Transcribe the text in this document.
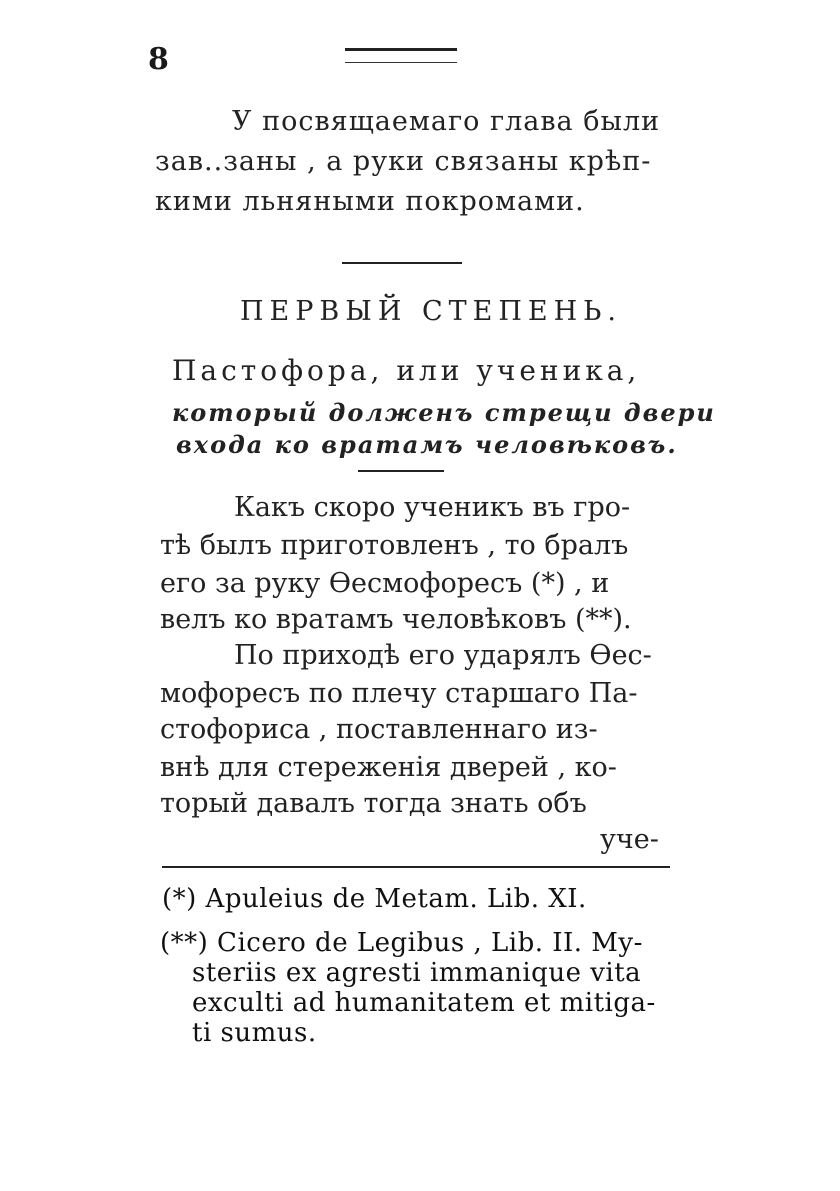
8
У посвящаемаго глава были
зав..заны , а руки связаны крѣп-
кими льняными покромами.
ПЕРВЫЙ СТЕПЕНЬ.
Пастофора, или ученика,
который долженъ стрещи двери
входа ко вратамъ человѣковъ.
Какъ скоро ученикъ въ гро-
тѣ былъ приготовленъ , то бралъ
его за руку Өесмофоресъ (*) , и
велъ ко вратамъ человѣковъ (**).
По приходѣ его ударялъ Өес-
мофоресъ по плечу старшаго Па-
стофориса , поставленнаго из-
внѣ для стереженія дверей , ко-
торый давалъ тогда знать объ
уче-
(*) Apuleius de Metam. Lib. XI.
(**) Cicero de Legibus , Lib. II. My-
steriis ex agresti immanique vita
exculti ad humanitatem et mitiga-
ti sumus.
